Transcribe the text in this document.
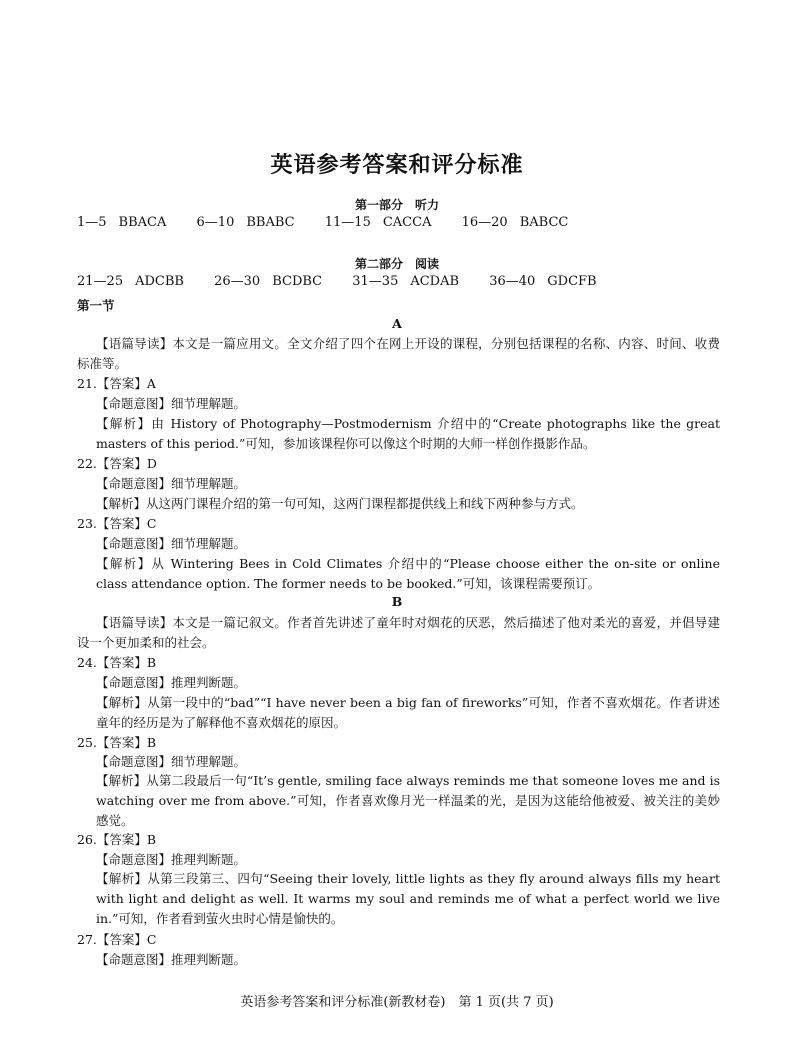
英语参考答案和评分标准
第一部分　听力
1—5 BBACA 6—10 BBABC 11—15 CACCA 16—20 BABCC
第二部分　阅读
21—25 ADCBB 26—30 BCDBC 31—35 ACDAB 36—40 GDCFB
第一节
A
【语篇导读】本文是一篇应用文。全文介绍了四个在网上开设的课程，分别包括课程的名称、内容、时间、收费标准等。
21.【答案】A
【命题意图】细节理解题。
【解析】由 History of Photography—Postmodernism 介绍中的“Create photographs like the great masters of this period.”可知，参加该课程你可以像这个时期的大师一样创作摄影作品。
22.【答案】D
【命题意图】细节理解题。
【解析】从这两门课程介绍的第一句可知，这两门课程都提供线上和线下两种参与方式。
23.【答案】C
【命题意图】细节理解题。
【解析】从 Wintering Bees in Cold Climates 介绍中的“Please choose either the on-site or online class attendance option. The former needs to be booked.”可知，该课程需要预订。
B
【语篇导读】本文是一篇记叙文。作者首先讲述了童年时对烟花的厌恶，然后描述了他对柔光的喜爱，并倡导建设一个更加柔和的社会。
24.【答案】B
【命题意图】推理判断题。
【解析】从第一段中的“bad”“I have never been a big fan of fireworks”可知，作者不喜欢烟花。作者讲述童年的经历是为了解释他不喜欢烟花的原因。
25.【答案】B
【命题意图】细节理解题。
【解析】从第二段最后一句“It’s gentle, smiling face always reminds me that someone loves me and is watching over me from above.”可知，作者喜欢像月光一样温柔的光，是因为这能给他被爱、被关注的美妙感觉。
26.【答案】B
【命题意图】推理判断题。
【解析】从第三段第三、四句“Seeing their lovely, little lights as they fly around always fills my heart with light and delight as well. It warms my soul and reminds me of what a perfect world we live in.”可知，作者看到萤火虫时心情是愉快的。
27.【答案】C
【命题意图】推理判断题。
英语参考答案和评分标准(新教材卷)　第 1 页(共 7 页)
